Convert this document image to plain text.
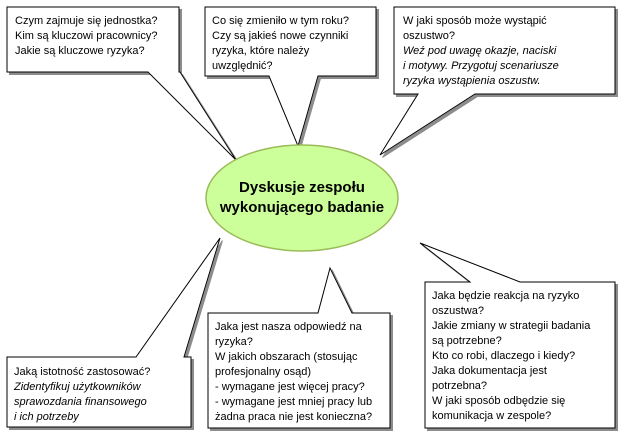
Dyskusje zespołu
wykonującego badanie
Czym zajmuje się jednostka?
Kim są kluczowi pracownicy?
Jakie są kluczowe ryzyka?
Co się zmieniło w tym roku?
Czy są jakieś nowe czynniki
ryzyka, które należy
uwzględnić?
W jaki sposób może wystąpić
oszustwo?
Weź pod uwagę okazje, naciski
i motywy. Przygotuj scenariusze
ryzyka wystąpienia oszustw.
Jaką istotność zastosować?
Zidentyfikuj użytkowników
sprawozdania finansowego
i ich potrzeby
Jaka jest nasza odpowiedź na
ryzyka?
W jakich obszarach (stosując
profesjonalny osąd)
- wymagane jest więcej pracy?
- wymagane jest mniej pracy lub
żadna praca nie jest konieczna?
Jaka będzie reakcja na ryzyko
oszustwa?
Jakie zmiany w strategii badania
są potrzebne?
Kto co robi, dlaczego i kiedy?
Jaka dokumentacja jest
potrzebna?
W jaki sposób odbędzie się
komunikacja w zespole?
